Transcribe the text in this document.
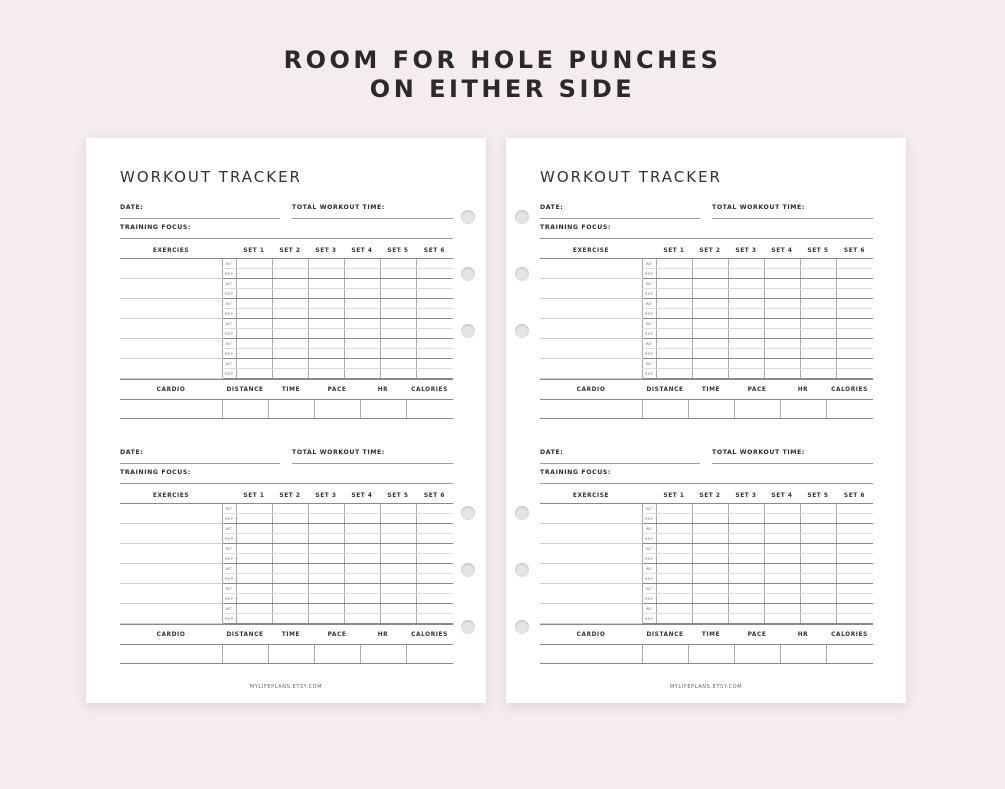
ROOM FOR HOLE PUNCHES
ON EITHER SIDE
WORKOUT TRACKER
DATE:	TOTAL WORKOUT TIME:
TRAINING FOCUS:
EXERCIES		SET 1	SET 2	SET 3	SET 4	SET 5	SET 6
	WT						
	REP						
	WT						
	REP						
	WT						
	REP						
	WT						
	REP						
	WT						
	REP						
	WT						
	REP						
CARDIO	DISTANCE	TIME	PACE	HR	CALORIES

DATE:	TOTAL WORKOUT TIME:
TRAINING FOCUS:
EXERCIES		SET 1	SET 2	SET 3	SET 4	SET 5	SET 6
	WT						
	REP						
	WT						
	REP						
	WT						
	REP						
	WT						
	REP						
	WT						
	REP						
	WT						
	REP						
CARDIO	DISTANCE	TIME	PACE	HR	CALORIES

MYLIFEPLANS.ETSY.COM
WORKOUT TRACKER
DATE:	TOTAL WORKOUT TIME:
TRAINING FOCUS:
EXERCISE		SET 1	SET 2	SET 3	SET 4	SET 5	SET 6
	WT						
	REP						
	WT						
	REP						
	WT						
	REP						
	WT						
	REP						
	WT						
	REP						
	WT						
	REP						
CARDIO	DISTANCE	TIME	PACE	HR	CALORIES

DATE:	TOTAL WORKOUT TIME:
TRAINING FOCUS:
EXERCISE		SET 1	SET 2	SET 3	SET 4	SET 5	SET 6
	WT						
	REP						
	WT						
	REP						
	WT						
	REP						
	WT						
	REP						
	WT						
	REP						
	WT						
	REP						
CARDIO	DISTANCE	TIME	PACE	HR	CALORIES

MYLIFEPLANS.ETSY.COM
